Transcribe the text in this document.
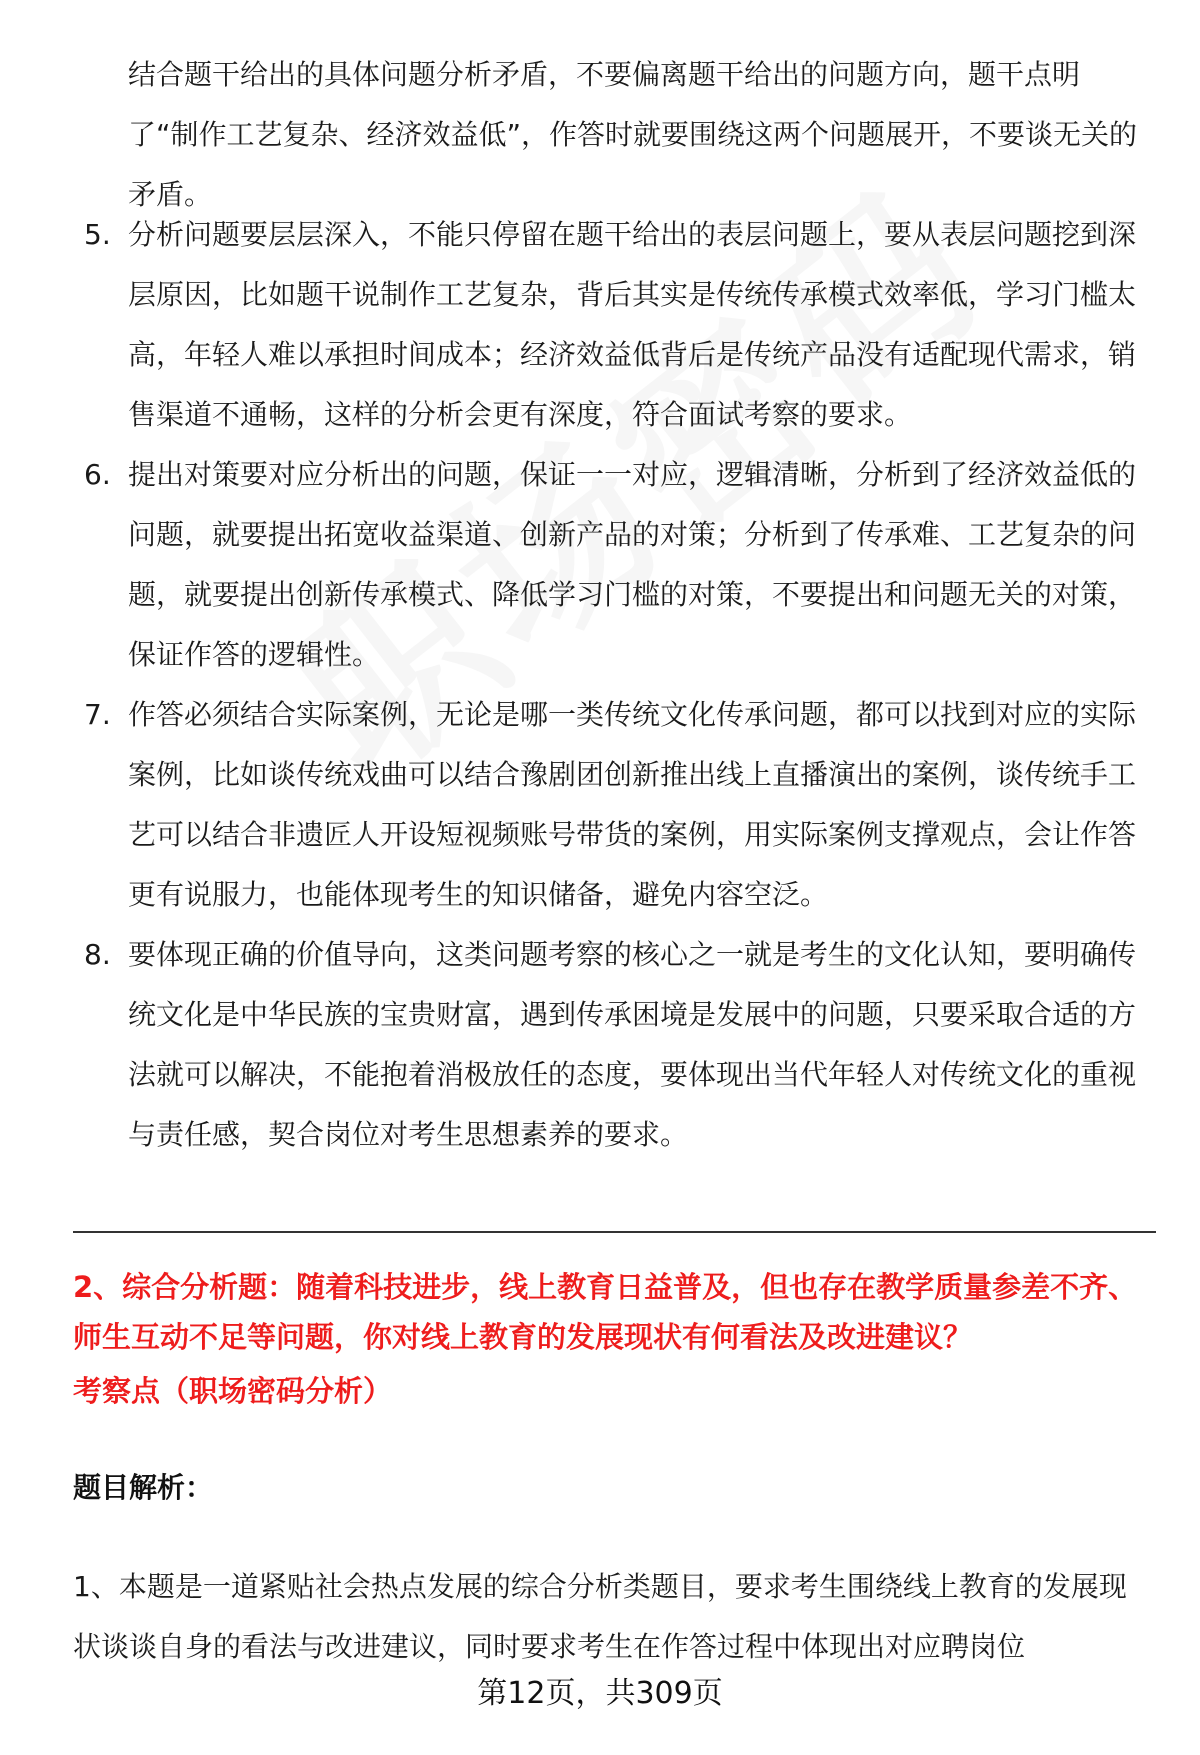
结合题干给出的具体问题分析矛盾，不要偏离题干给出的问题方向，题干点明了“制作工艺复杂、经济效益低”，作答时就要围绕这两个问题展开，不要谈无关的矛盾。

5. 分析问题要层层深入，不能只停留在题干给出的表层问题上，要从表层问题挖到深层原因，比如题干说制作工艺复杂，背后其实是传统传承模式效率低，学习门槛太高，年轻人难以承担时间成本；经济效益低背后是传统产品没有适配现代需求，销售渠道不通畅，这样的分析会更有深度，符合面试考察的要求。
6. 提出对策要对应分析出的问题，保证一一对应，逻辑清晰，分析到了经济效益低的问题，就要提出拓宽收益渠道、创新产品的对策；分析到了传承难、工艺复杂的问题，就要提出创新传承模式、降低学习门槛的对策，不要提出和问题无关的对策，保证作答的逻辑性。
7. 作答必须结合实际案例，无论是哪一类传统文化传承问题，都可以找到对应的实际案例，比如谈传统戏曲可以结合豫剧团创新推出线上直播演出的案例，谈传统手工艺可以结合非遗匠人开设短视频账号带货的案例，用实际案例支撑观点，会让作答更有说服力，也能体现考生的知识储备，避免内容空泛。
8. 要体现正确的价值导向，这类问题考察的核心之一就是考生的文化认知，要明确传统文化是中华民族的宝贵财富，遇到传承困境是发展中的问题，只要采取合适的方法就可以解决，不能抱着消极放任的态度，要体现出当代年轻人对传统文化的重视与责任感，契合岗位对考生思想素养的要求。

2、综合分析题：随着科技进步，线上教育日益普及，但也存在教学质量参差不齐、师生互动不足等问题，你对线上教育的发展现状有何看法及改进建议？

考察点（职场密码分析）

题目解析：

1、本题是一道紧贴社会热点发展的综合分析类题目，要求考生围绕线上教育的发展现状谈谈自身的看法与改进建议，同时要求考生在作答过程中体现出对应聘岗位

第12页，共309页
